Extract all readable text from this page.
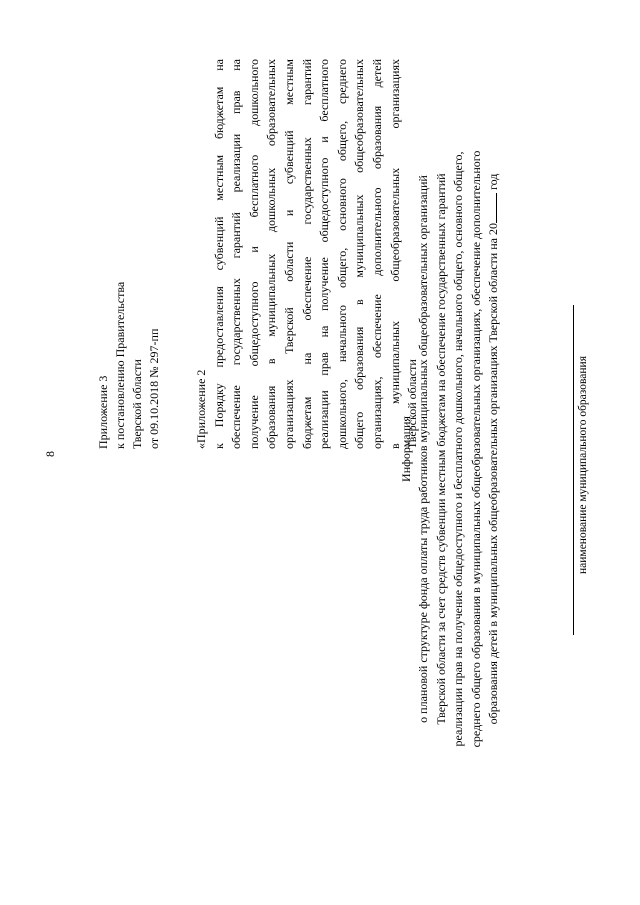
8
Приложение 3 к постановлению Правительства Тверской области от 09.10.2018 № 297-пп	«Приложение 2 к Порядку предоставления субвенций местным бюджетам на обеспечение государственных гарантий реализации прав на получение общедоступного и бесплатного дошкольного образования в муниципальных дошкольных образовательных организациях Тверской области и субвенций местным бюджетам на обеспечение государственных гарантий реализации прав на получение общедоступного и бесплатного дошкольного, начального общего, основного общего, среднего общего образования в муниципальных общеобразовательных организациях, обеспечение дополнительного образования детей в муниципальных общеобразовательных организациях Тверской области
Информация о плановой структуре фонда оплаты труда работников муниципальных общеобразовательных организаций Тверской области за счет средств субвенции местным бюджетам на обеспечение государственных гарантий реализации прав на получение общедоступного и бесплатного дошкольного, начального общего, основного общего, среднего общего образования в муниципальных общеобразовательных организациях, обеспечение дополнительного образования детей в муниципальных общеобразовательных организациях Тверской области на 20 год
наименование муниципального образования
